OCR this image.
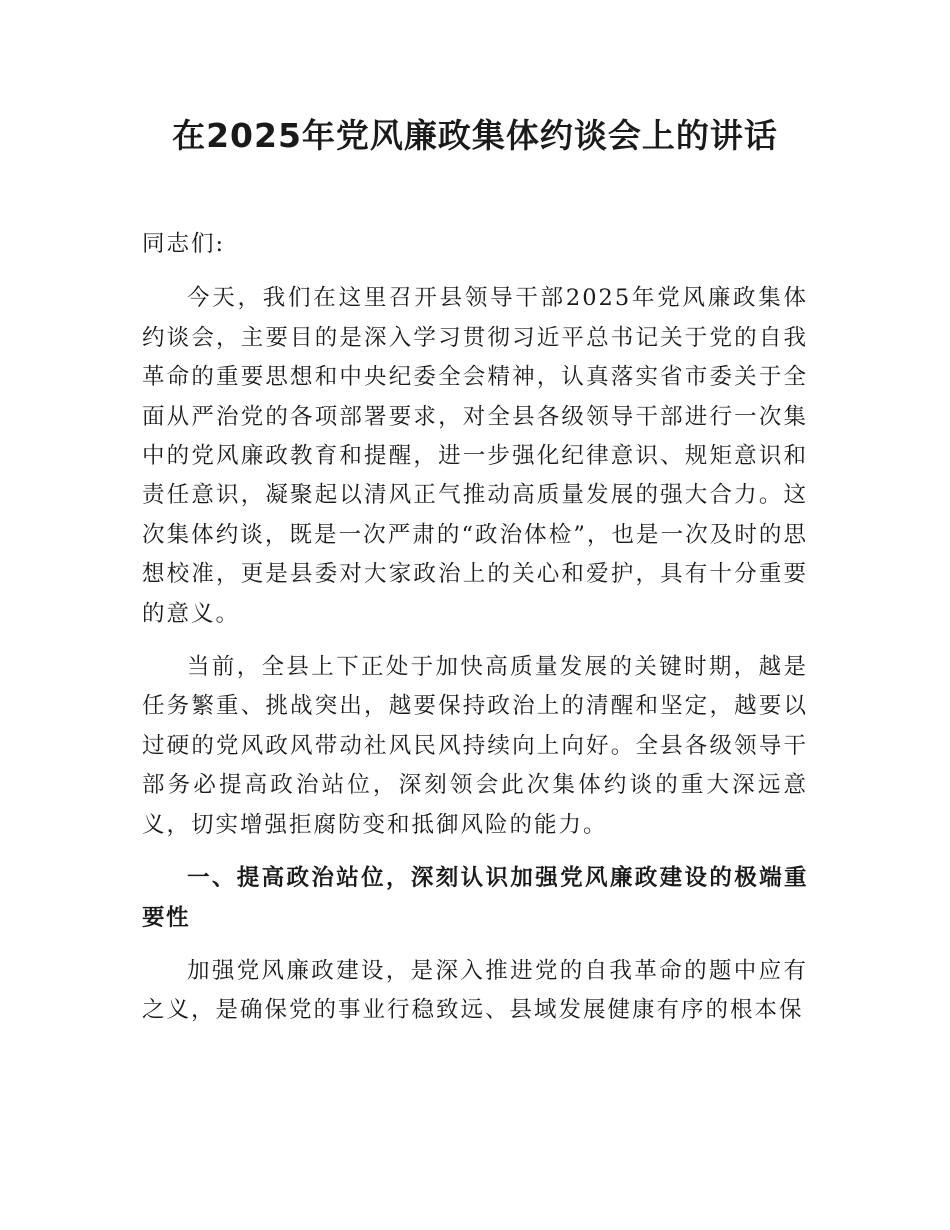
在2025年党风廉政集体约谈会上的讲话

同志们:

今天，我们在这里召开县领导干部2025年党风廉政集体约谈会，主要目的是深入学习贯彻习近平总书记关于党的自我革命的重要思想和中央纪委全会精神，认真落实省市委关于全面从严治党的各项部署要求，对全县各级领导干部进行一次集中的党风廉政教育和提醒，进一步强化纪律意识、规矩意识和责任意识，凝聚起以清风正气推动高质量发展的强大合力。这次集体约谈，既是一次严肃的“政治体检”，也是一次及时的思想校准，更是县委对大家政治上的关心和爱护，具有十分重要的意义。

当前，全县上下正处于加快高质量发展的关键时期，越是任务繁重、挑战突出，越要保持政治上的清醒和坚定，越要以过硬的党风政风带动社风民风持续向上向好。全县各级领导干部务必提高政治站位，深刻领会此次集体约谈的重大深远意义，切实增强拒腐防变和抵御风险的能力。

一、提高政治站位，深刻认识加强党风廉政建设的极端重要性

加强党风廉政建设，是深入推进党的自我革命的题中应有之义，是确保党的事业行稳致远、县域发展健康有序的根本保
